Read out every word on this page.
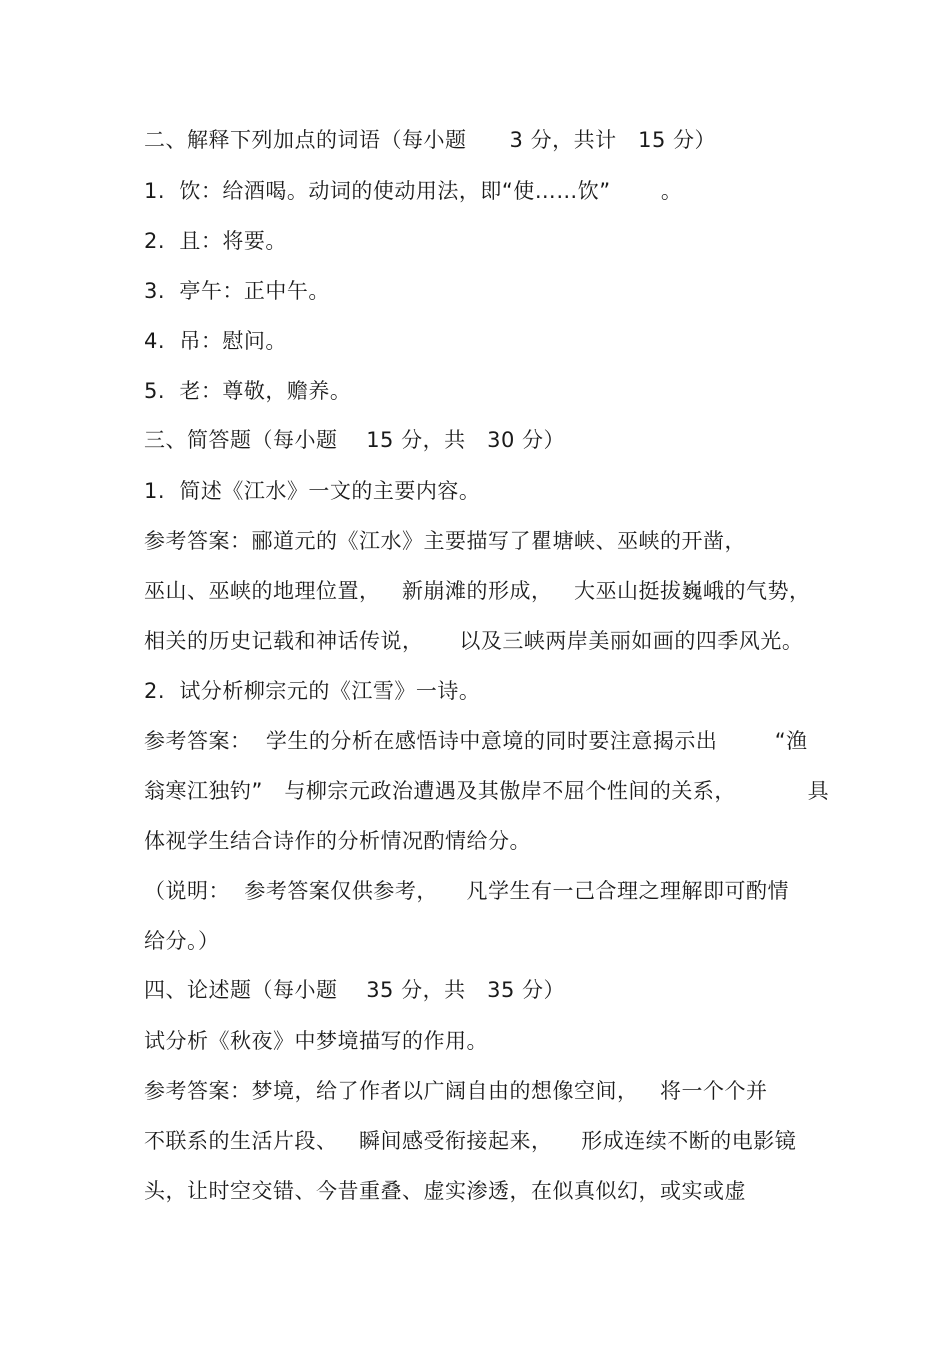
二、解释下列加点的词语（每小题      3 分，共计   15 分）
1.  饮：给酒喝。动词的使动用法，即“使……饮”       。
2.  且：将要。
3.  亭午：正中午。
4.  吊：慰问。
5.  老：尊敬，赡养。
三、简答题（每小题    15 分，共   30 分）
1.  简述《江水》一文的主要内容。
参考答案：郦道元的《江水》主要描写了瞿塘峡、巫峡的开凿，
巫山、巫峡的地理位置，   新崩滩的形成，   大巫山挺拔巍峨的气势，
相关的历史记载和神话传说，     以及三峡两岸美丽如画的四季风光。
2.  试分析柳宗元的《江雪》一诗。
参考答案：  学生的分析在感悟诗中意境的同时要注意揭示出        “渔
翁寒江独钓”   与柳宗元政治遭遇及其傲岸不屈个性间的关系，          具
体视学生结合诗作的分析情况酌情给分。
（说明：  参考答案仅供参考，    凡学生有一己合理之理解即可酌情
给分。）
四、论述题（每小题    35 分，共   35 分）
试分析《秋夜》中梦境描写的作用。
参考答案：梦境，给了作者以广阔自由的想像空间，   将一个个并
不联系的生活片段、   瞬间感受衔接起来，    形成连续不断的电影镜
头，让时空交错、今昔重叠、虚实渗透，在似真似幻，或实或虚
